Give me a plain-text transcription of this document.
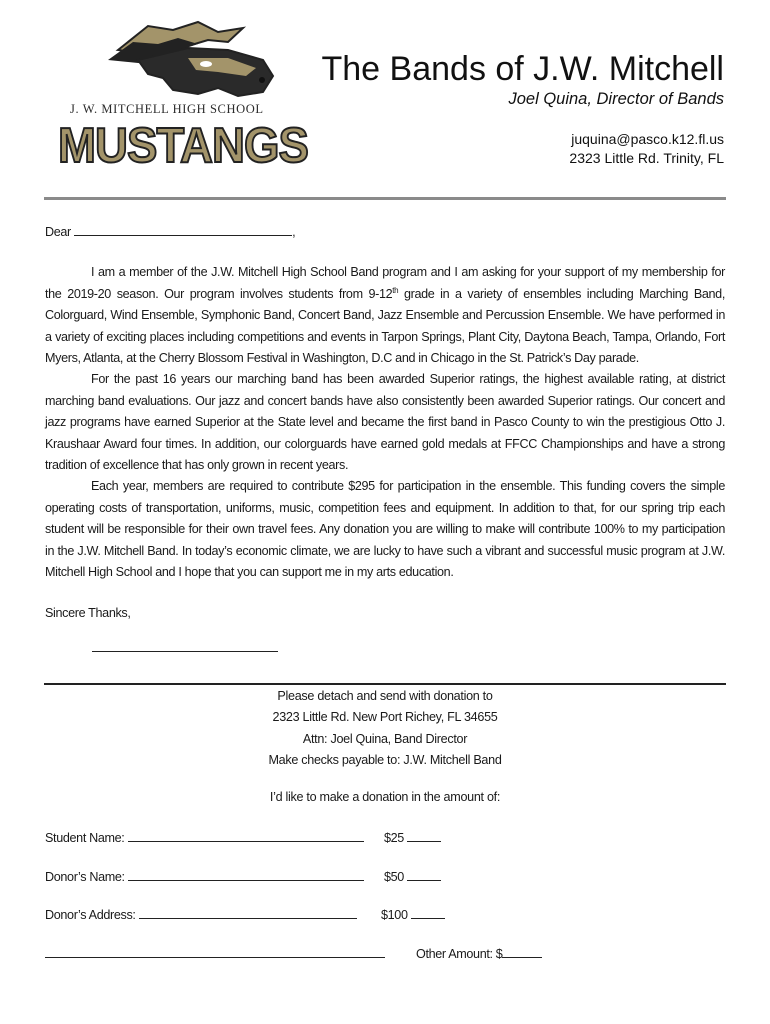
J. W. MITCHELL HIGH SCHOOL
MUSTANGS
The Bands of J.W. Mitchell
Joel Quina, Director of Bands
juquina@pasco.k12.fl.us
2323 Little Rd. Trinity, FL

Dear	,

I am a member of the J.W. Mitchell High School Band program and I am asking for your support of my membership for the 2019-20 season. Our program involves students from 9-12th grade in a variety of ensembles including Marching Band, Colorguard, Wind Ensemble, Symphonic Band, Concert Band, Jazz Ensemble and Percussion Ensemble. We have performed in a variety of exciting places including competitions and events in Tarpon Springs, Plant City, Daytona Beach, Tampa, Orlando, Fort Myers, Atlanta, at the Cherry Blossom Festival in Washington, D.C and in Chicago in the St. Patrick’s Day parade.

For the past 16 years our marching band has been awarded Superior ratings, the highest available rating, at district marching band evaluations. Our jazz and concert bands have also consistently been awarded Superior ratings. Our concert and jazz programs have earned Superior at the State level and became the first band in Pasco County to win the prestigious Otto J. Kraushaar Award four times. In addition, our colorguards have earned gold medals at FFCC Championships and have a strong tradition of excellence that has only grown in recent years.

Each year, members are required to contribute $295 for participation in the ensemble. This funding covers the simple operating costs of transportation, uniforms, music, competition fees and equipment. In addition to that, for our spring trip each student will be responsible for their own travel fees. Any donation you are willing to make will contribute 100% to my participation in the J.W. Mitchell Band. In today’s economic climate, we are lucky to have such a vibrant and successful music program at J.W. Mitchell High School and I hope that you can support me in my arts education.

Sincere Thanks,

Please detach and send with donation to
2323 Little Rd. New Port Richey, FL 34655
Attn: Joel Quina, Band Director
Make checks payable to: J.W. Mitchell Band
I’d like to make a donation in the amount of:
Student Name:	$25
Donor’s Name:	$50
Donor’s Address:	$100
Other Amount: $
